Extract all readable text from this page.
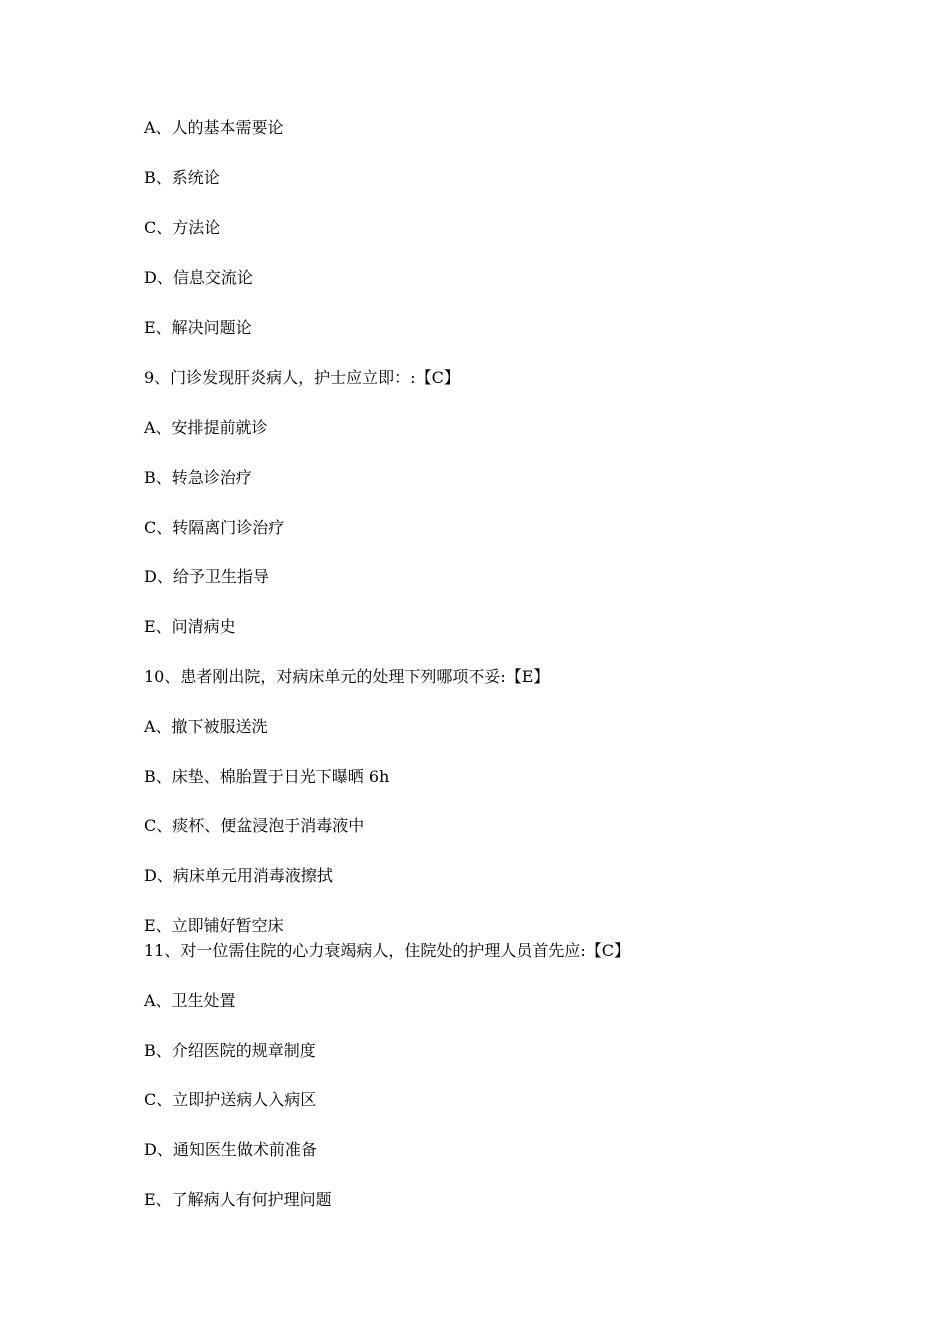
A、人的基本需要论
B、系统论
C、方法论
D、信息交流论
E、解决问题论
9、门诊发现肝炎病人，护士应立即：:【C】
A、安排提前就诊
B、转急诊治疗
C、转隔离门诊治疗
D、给予卫生指导
E、问清病史
10、患者刚出院，对病床单元的处理下列哪项不妥:【E】
A、撤下被服送洗
B、床垫、棉胎置于日光下曝晒 6h
C、痰杯、便盆浸泡于消毒液中
D、病床单元用消毒液擦拭
E、立即铺好暂空床
11、对一位需住院的心力衰竭病人，住院处的护理人员首先应:【C】
A、卫生处置
B、介绍医院的规章制度
C、立即护送病人入病区
D、通知医生做术前准备
E、了解病人有何护理问题
